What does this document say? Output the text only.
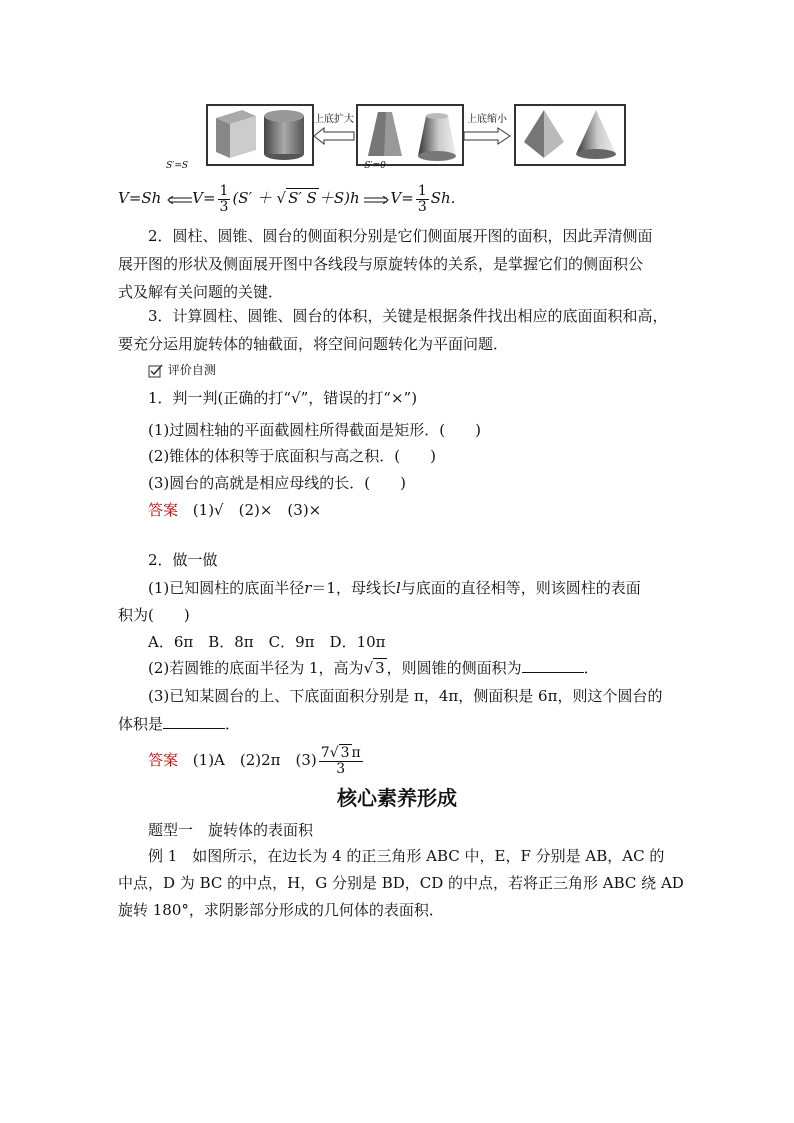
上底扩大	上底缩小
V=Sh
S′=S
$V= \frac{1}{3} (S'$ ＋ √ S′ S ＋S)h
S′=0
$V= \frac{1}{3} Sh$.
2．圆柱、圆锥、圆台的侧面积分别是它们侧面展开图的面积，因此弄清侧面
展开图的形状及侧面展开图中各线段与原旋转体的关系，是掌握它们的侧面积公
式及解有关问题的关键．
3．计算圆柱、圆锥、圆台的体积，关键是根据条件找出相应的底面面积和高，
要充分运用旋转体的轴截面，将空间问题转化为平面问题．
评价自测
1．判一判(正确的打“√”，错误的打“×”)
(1)过圆柱轴的平面截圆柱所得截面是矩形．(　　)
(2)锥体的体积等于底面积与高之积．(　　)
(3)圆台的高就是相应母线的长．(　　)
答案 (1)√　(2)×　(3)×
2．做一做
(1)已知圆柱的底面半径r＝1，母线长l与底面的直径相等，则该圆柱的表面
积为(　　)
A．6π　B．8π　C．9π　D．10π
(2)若圆锥的底面半径为 1，高为√ 3 ，则圆锥的侧面积为	．
(3)已知某圆台的上、下底面面积分别是 π，4π，侧面积是 6π，则这个圆台的
体积是	．
答案 (1)A　(2)2π　$(3) \frac{7√ 3 \pi}{3}$
核心素养形成
题型一　旋转体的表面积
例 1　如图所示，在边长为 4 的正三角形 ABC 中，E，F 分别是 AB，AC 的
中点，D 为 BC 的中点，H，G 分别是 BD，CD 的中点，若将正三角形 ABC 绕 AD
旋转 180°，求阴影部分形成的几何体的表面积．
